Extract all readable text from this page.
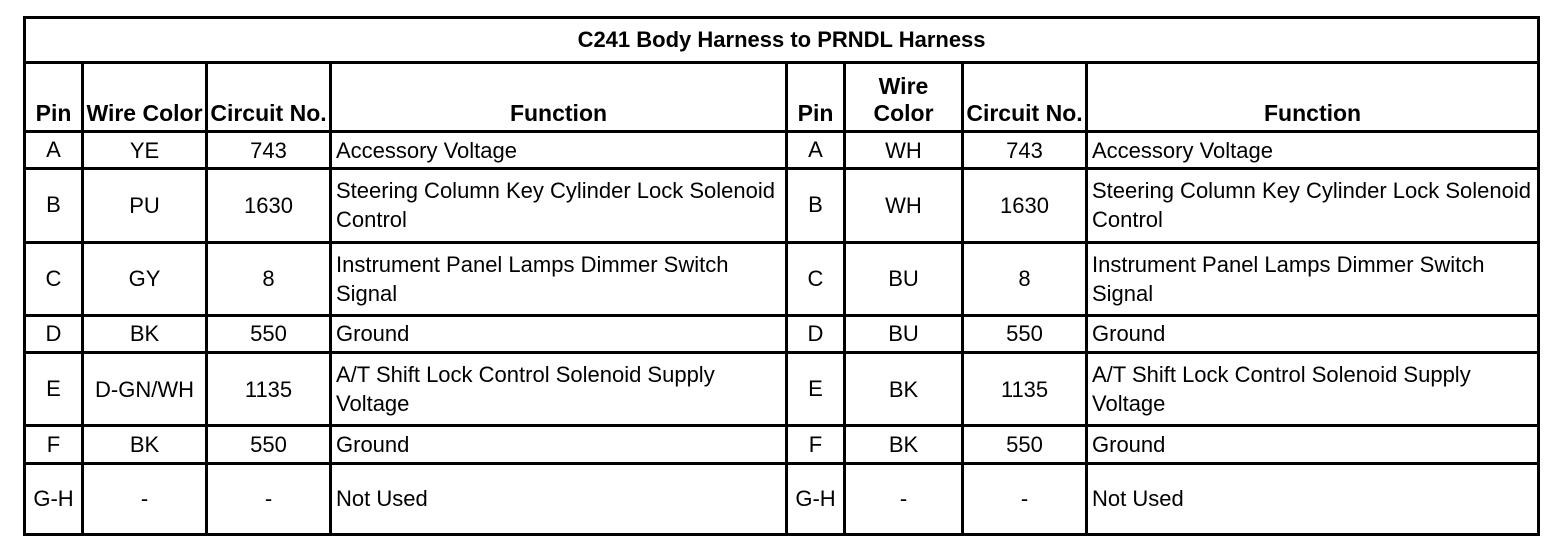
C241 Body Harness to PRNDL Harness							
Pin	Wire Color	Circuit No.	Function	Pin	Wire Color	Circuit No.	Function
A	YE	743	Accessory Voltage	A	WH	743	Accessory Voltage
B	PU	1630	Steering Column Key Cylinder Lock Solenoid Control	B	WH	1630	Steering Column Key Cylinder Lock Solenoid Control
C	GY	8	Instrument Panel Lamps Dimmer Switch Signal	C	BU	8	Instrument Panel Lamps Dimmer Switch Signal
D	BK	550	Ground	D	BU	550	Ground
E	D-GN/WH	1135	A/T Shift Lock Control Solenoid Supply Voltage	E	BK	1135	A/T Shift Lock Control Solenoid Supply Voltage
F	BK	550	Ground	F	BK	550	Ground
G-H	-	-	Not Used	G-H	-	-	Not Used
